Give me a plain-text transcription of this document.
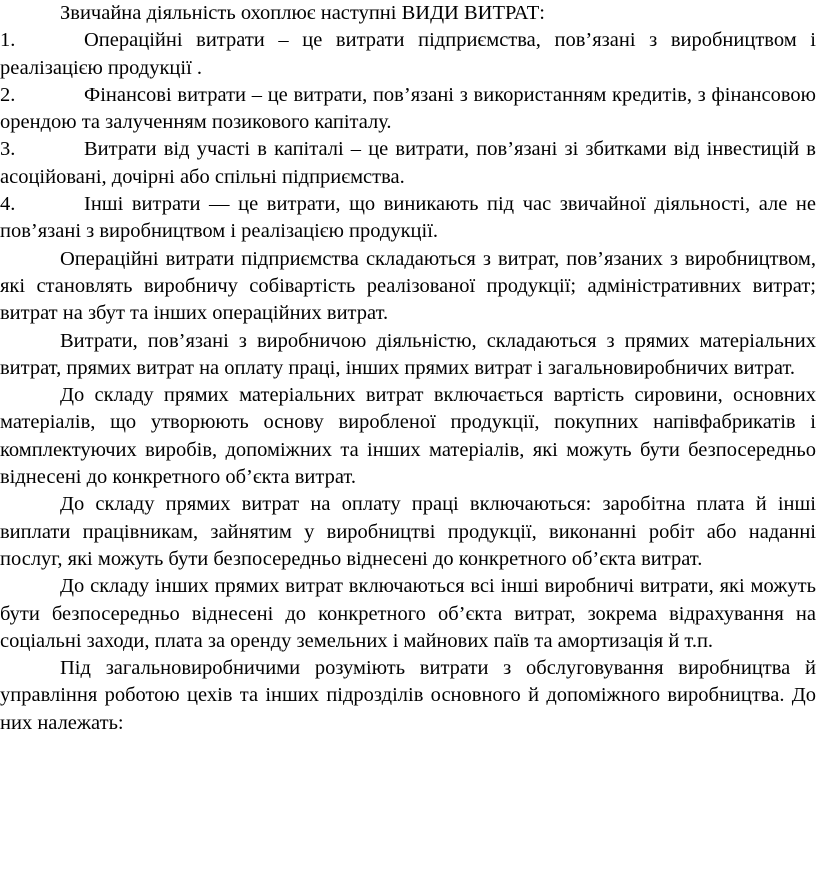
Звичайна діяльність охоплює наступні ВИДИ ВИТРАТ:

1.	Операційні витрати – це витрати підприємства, пов’язані з виробництвом і реалізацією продукції .

2.	Фінансові витрати – це витрати, пов’язані з використанням кредитів, з фінансовою орендою та залученням позикового капіталу.

3.	Витрати від участі в капіталі – це витрати, пов’язані зі збитками від інвестицій в асоційовані, дочірні або спільні підприємства.

4.	Інші витрати — це витрати, що виникають під час звичайної діяльності, але не пов’язані з виробництвом і реалізацією продукції.

Операційні витрати підприємства складаються з витрат, пов’язаних з виробництвом, які становлять виробничу собівартість реалізованої продукції; адміністративних витрат; витрат на збут та інших операційних витрат.

Витрати, пов’язані з виробничою діяльністю, складаються з прямих матеріальних витрат, прямих витрат на оплату праці, інших прямих витрат і загальновиробничих витрат.

До складу прямих матеріальних витрат включається вартість сировини, основних матеріалів, що утворюють основу виробленої продукції, покупних напівфабрикатів і комплектуючих виробів, допоміжних та інших матеріалів, які можуть бути безпосередньо віднесені до конкретного об’єкта витрат.

До складу прямих витрат на оплату праці включаються: заробітна плата й інші виплати працівникам, зайнятим у виробництві продукції, виконанні робіт або наданні послуг, які можуть бути безпосередньо віднесені до конкретного об’єкта витрат.

До складу інших прямих витрат включаються всі інші виробничі витрати, які можуть бути безпосередньо віднесені до конкретного об’єкта витрат, зокрема відрахування на соціальні заходи, плата за оренду земельних і майнових паїв та амортизація й т.п.

Під загальновиробничими розуміють витрати з обслуговування виробництва й управління роботою цехів та інших підрозділів основного й допоміжного виробництва. До них належать:
